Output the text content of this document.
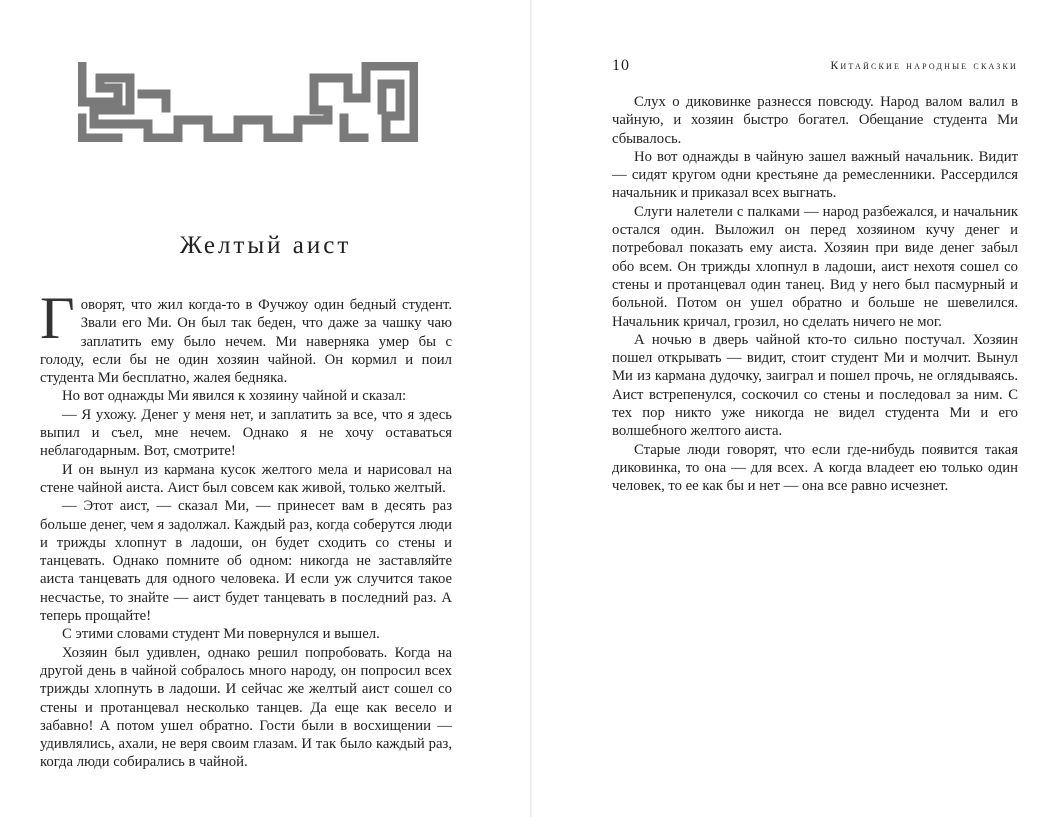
Желтый аист

Говорят, что жил когда-то в Фучжоу один бедный студент. Звали его Ми. Он был так беден, что даже за чашку чаю заплатить ему было нечем. Ми наверняка умер бы с голоду, если бы не один хозяин чайной. Он кормил и поил студента Ми бесплатно, жалея бедняка.

Но вот однажды Ми явился к хозяину чайной и сказал:

— Я ухожу. Денег у меня нет, и заплатить за все, что я здесь выпил и съел, мне нечем. Однако я не хочу оставаться неблагодарным. Вот, смотрите!

И он вынул из кармана кусок желтого мела и нарисовал на стене чайной аиста. Аист был совсем как живой, только желтый.

— Этот аист, — сказал Ми, — принесет вам в десять раз больше денег, чем я задолжал. Каждый раз, когда соберутся люди и трижды хлопнут в ладоши, он будет сходить со стены и танцевать. Однако помните об одном: никогда не заставляйте аиста танцевать для одного человека. И если уж случится такое несчастье, то знайте — аист будет танцевать в последний раз. А теперь прощайте!

С этими словами студент Ми повернулся и вышел.

Хозяин был удивлен, однако решил попробовать. Когда на другой день в чайной собралось много народу, он попросил всех трижды хлопнуть в ладоши. И сейчас же желтый аист сошел со стены и протанцевал несколько танцев. Да еще как весело и забавно! А потом ушел обратно. Гости были в восхищении — удивлялись, ахали, не веря своим глазам. И так было каждый раз, когда люди собирались в чайной.

10	Китайские народные сказки

Слух о диковинке разнесся повсюду. Народ валом валил в чайную, и хозяин быстро богател. Обещание студента Ми сбывалось.

Но вот однажды в чайную зашел важный начальник. Видит — сидят кругом одни крестьяне да ремесленники. Рассердился начальник и приказал всех выгнать.

Слуги налетели с палками — народ разбежался, и начальник остался один. Выложил он перед хозяином кучу денег и потребовал показать ему аиста. Хозяин при виде денег забыл обо всем. Он трижды хлопнул в ладоши, аист нехотя сошел со стены и протанцевал один танец. Вид у него был пасмурный и больной. Потом он ушел обратно и больше не шевелился. Начальник кричал, грозил, но сделать ничего не мог.

А ночью в дверь чайной кто-то сильно постучал. Хозяин пошел открывать — видит, стоит студент Ми и молчит. Вынул Ми из кармана дудочку, заиграл и пошел прочь, не оглядываясь. Аист встрепенулся, соскочил со стены и последовал за ним. С тех пор никто уже никогда не видел студента Ми и его волшебного желтого аиста.

Старые люди говорят, что если где-нибудь появится такая диковинка, то она — для всех. А когда владеет ею только один человек, то ее как бы и нет — она все равно исчезнет.
